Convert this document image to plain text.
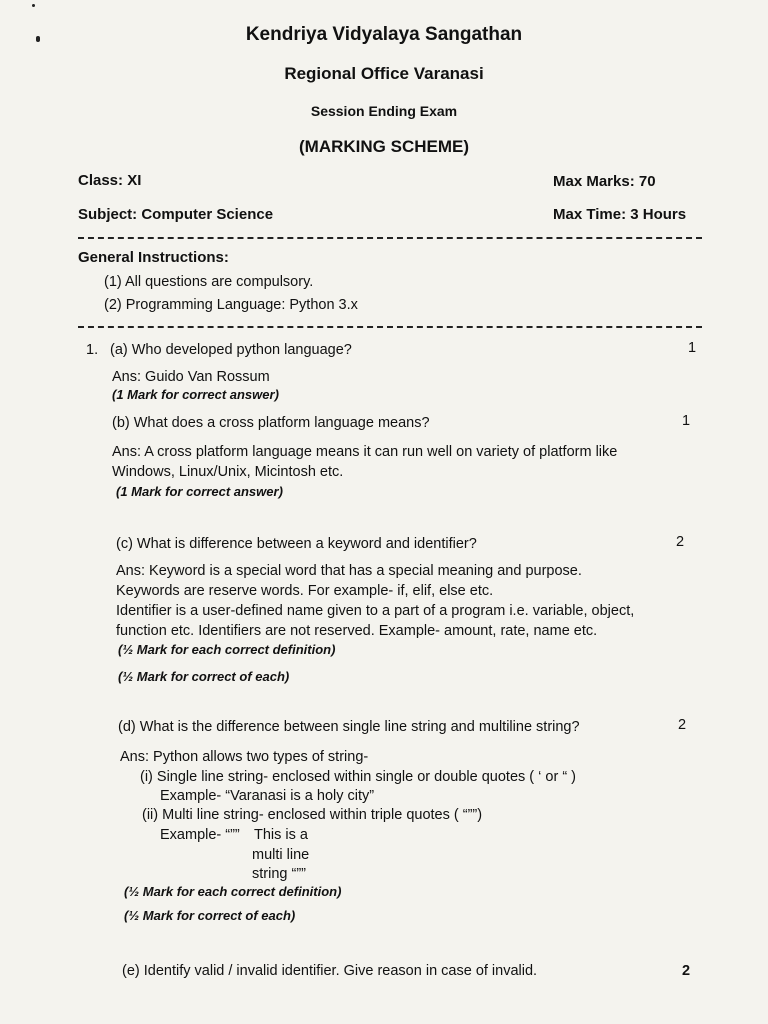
Kendriya Vidyalaya Sangathan
Regional Office Varanasi
Session Ending Exam
(MARKING SCHEME)
Class: XI	Max Marks: 70
Subject: Computer Science	Max Time: 3 Hours
General Instructions:
(1) All questions are compulsory.
(2) Programming Language: Python 3.x
1. (a) Who developed python language?	1
Ans: Guido Van Rossum
(1 Mark for correct answer)
(b) What does a cross platform language means?	1
Ans: A cross platform language means it can run well on variety of platform like
Windows, Linux/Unix, Micintosh etc.
(1 Mark for correct answer)
(c) What is difference between a keyword and identifier?	2
Ans: Keyword is a special word that has a special meaning and purpose.
Keywords are reserve words. For example- if, elif, else etc.
Identifier is a user-defined name given to a part of a program i.e. variable, object,
function etc. Identifiers are not reserved. Example- amount, rate, name etc.
(½ Mark for each correct definition)
(½ Mark for correct of each)
(d) What is the difference between single line string and multiline string?	2
Ans: Python allows two types of string-
(i) Single line string- enclosed within single or double quotes ( ‘ or “ )
Example- “Varanasi is a holy city”
(ii) Multi line string- enclosed within triple quotes ( “””)
Example- “”” This is a
multi line
string “””
(½ Mark for each correct definition)
(½ Mark for correct of each)
(e) Identify valid / invalid identifier. Give reason in case of invalid.	2
